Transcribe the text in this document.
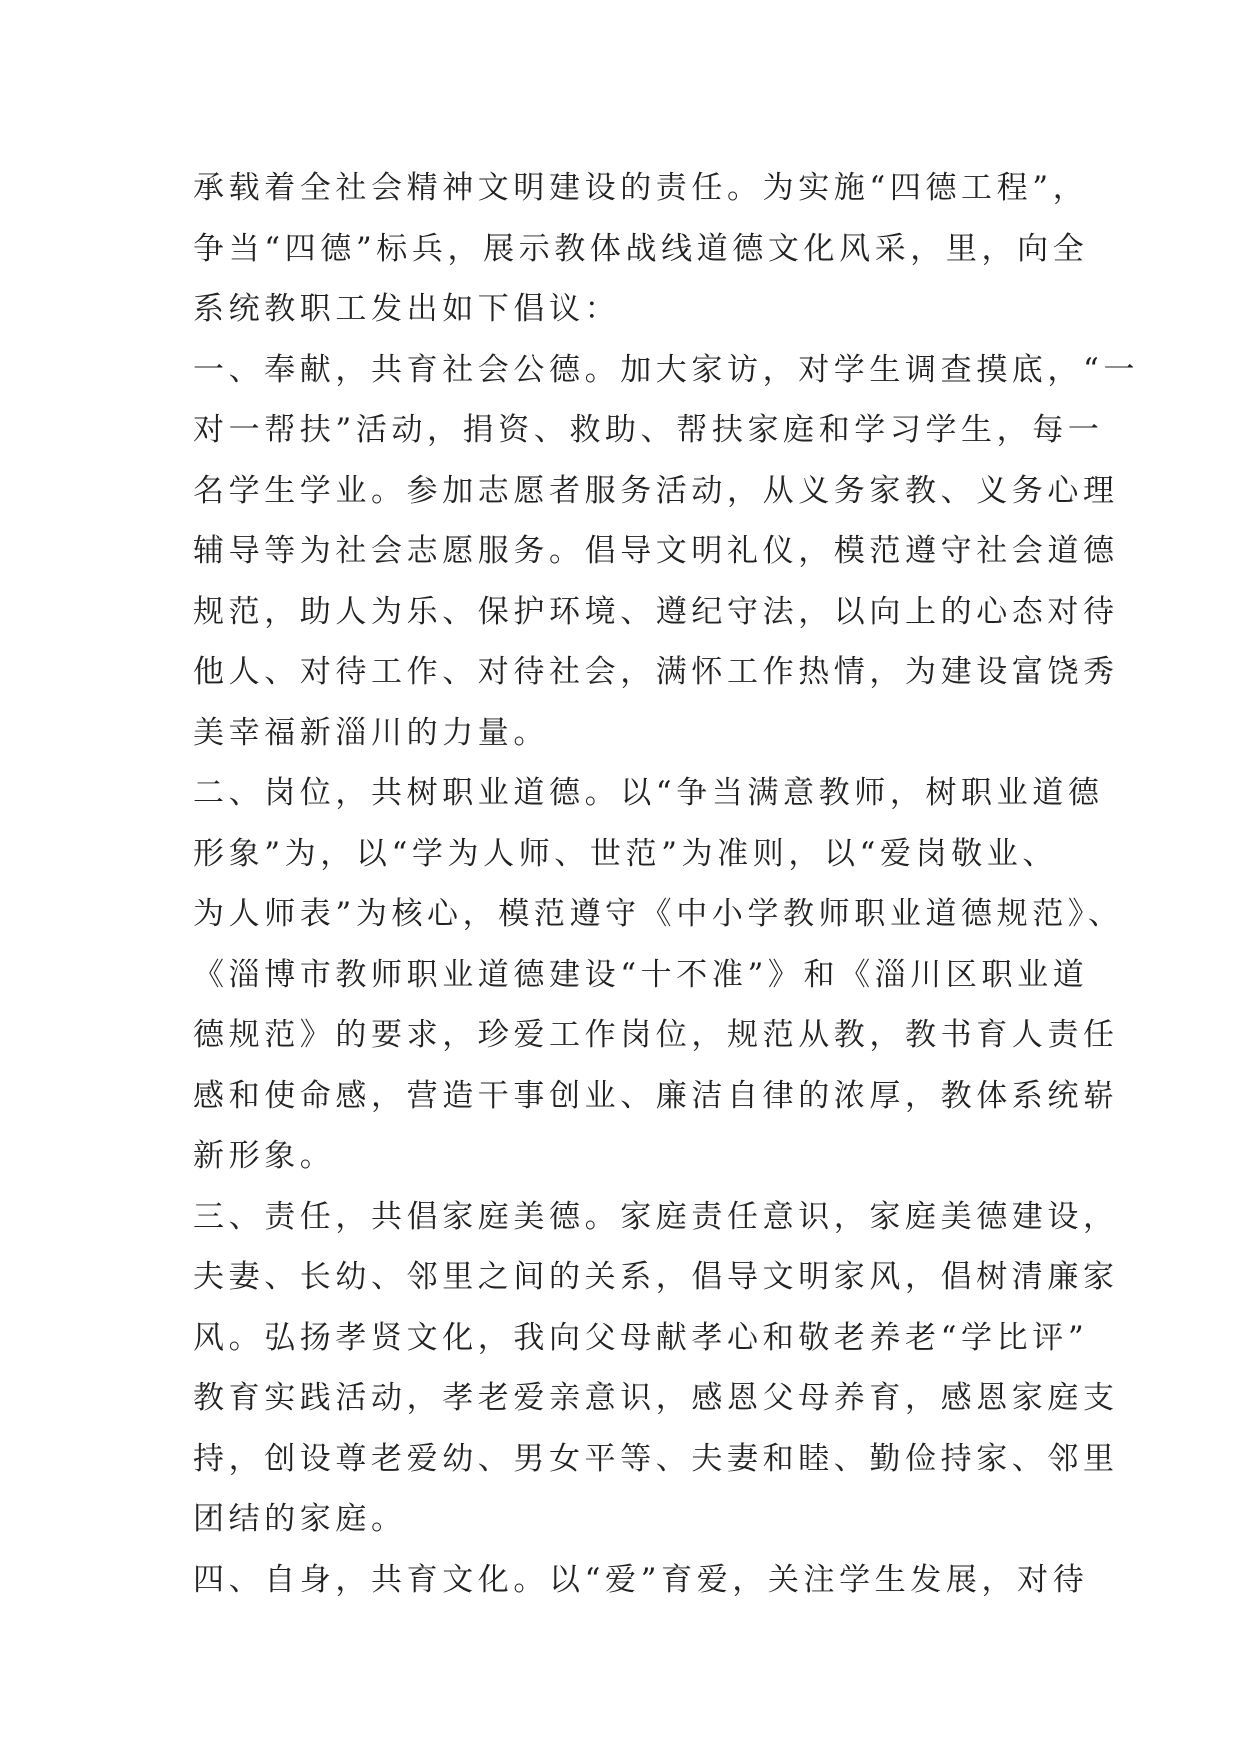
承载着全社会精神文明建设的责任。为实施“四德工程”，
争当“四德”标兵，展示教体战线道德文化风采，里，向全
系统教职工发出如下倡议：
一、奉献，共育社会公德。加大家访，对学生调查摸底，“一
对一帮扶”活动，捐资、救助、帮扶家庭和学习学生，每一
名学生学业。参加志愿者服务活动，从义务家教、义务心理
辅导等为社会志愿服务。倡导文明礼仪，模范遵守社会道德
规范，助人为乐、保护环境、遵纪守法，以向上的心态对待
他人、对待工作、对待社会，满怀工作热情，为建设富饶秀
美幸福新淄川的力量。
二、岗位，共树职业道德。以“争当满意教师，树职业道德
形象”为，以“学为人师、世范”为准则，以“爱岗敬业、
为人师表”为核心，模范遵守《中小学教师职业道德规范》、
《淄博市教师职业道德建设“十不准”》和《淄川区职业道
德规范》的要求，珍爱工作岗位，规范从教，教书育人责任
感和使命感，营造干事创业、廉洁自律的浓厚，教体系统崭
新形象。
三、责任，共倡家庭美德。家庭责任意识，家庭美德建设，
夫妻、长幼、邻里之间的关系，倡导文明家风，倡树清廉家
风。弘扬孝贤文化，我向父母献孝心和敬老养老“学比评”
教育实践活动，孝老爱亲意识，感恩父母养育，感恩家庭支
持，创设尊老爱幼、男女平等、夫妻和睦、勤俭持家、邻里
团结的家庭。
四、自身，共育文化。以“爱”育爱，关注学生发展，对待
